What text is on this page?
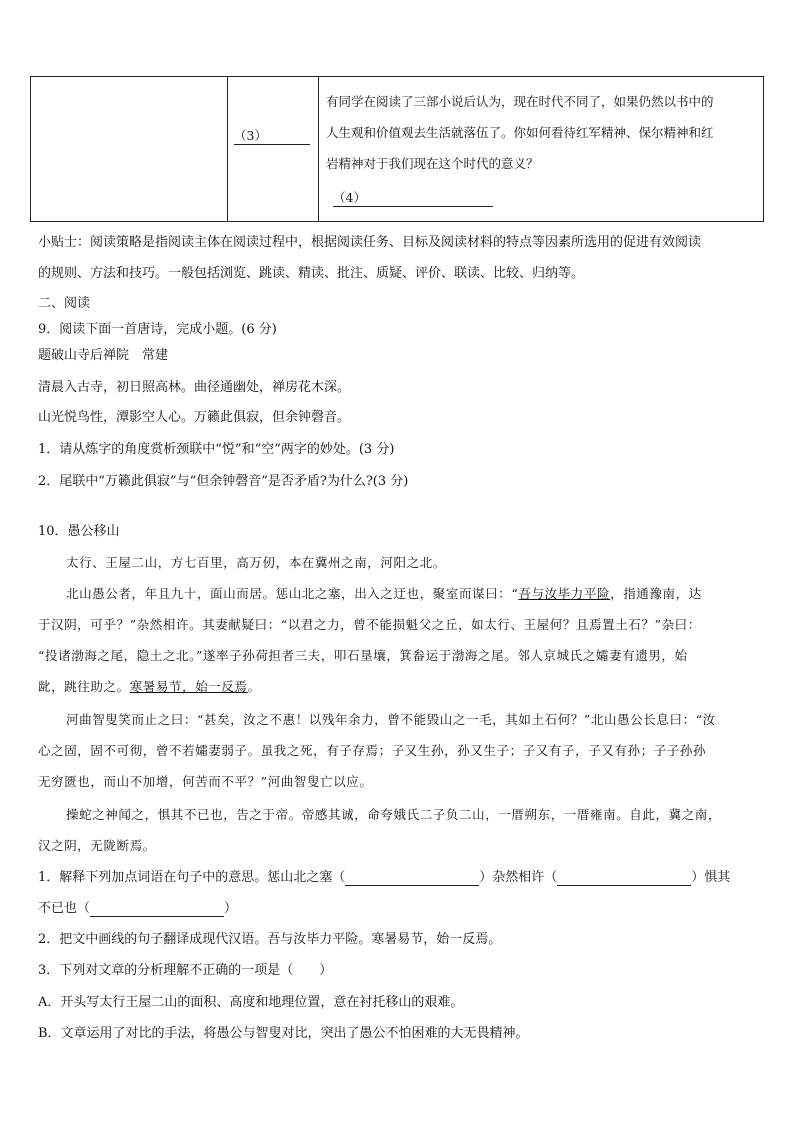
（3）
有同学在阅读了三部小说后认为，现在时代不同了，如果仍然以书中的
人生观和价值观去生活就落伍了。你如何看待红军精神、保尔精神和红
岩精神对于我们现在这个时代的意义？
（4）
小贴士：阅读策略是指阅读主体在阅读过程中，根据阅读任务、目标及阅读材料的特点等因素所选用的促进有效阅读
的规则、方法和技巧。一般包括浏览、跳读、精读、批注、质疑、评价、联读、比较、归纳等。
二、阅读
9．阅读下面一首唐诗，完成小题。(6 分)
题破山寺后禅院　常建
清晨入古寺，初日照高林。曲径通幽处，禅房花木深。
山光悦鸟性，潭影空人心。万籁此俱寂，但余钟磬音。
1．请从炼字的角度赏析颈联中“悦”和“空”两字的妙处。(3 分)
2．尾联中“万籁此俱寂”与“但余钟磬音”是否矛盾?为什么?(3 分)
10．愚公移山
太行、王屋二山，方七百里，高万仞，本在冀州之南，河阳之北。
北山愚公者，年且九十，面山而居。惩山北之塞，出入之迂也，聚室而谋曰：“吾与汝毕力平险，指通豫南，达
于汉阴，可乎？”杂然相许。其妻献疑曰：“以君之力，曾不能损魁父之丘，如太行、王屋何？且焉置土石？”杂曰：
“投诸渤海之尾，隐土之北。”遂率子孙荷担者三夫，叩石垦壤，箕畚运于渤海之尾。邻人京城氏之孀妻有遗男，始
龀，跳往助之。寒暑易节，始一反焉。
河曲智叟笑而止之曰：“甚矣，汝之不惠！以残年余力，曾不能毁山之一毛，其如土石何？”北山愚公长息曰：“汝
心之固，固不可彻，曾不若孀妻弱子。虽我之死，有子存焉；子又生孙，孙又生子；子又有子，子又有孙；子子孙孙
无穷匮也，而山不加增，何苦而不平？”河曲智叟亡以应。
操蛇之神闻之，惧其不已也，告之于帝。帝感其诚，命夸娥氏二子负二山，一厝朔东，一厝雍南。自此，冀之南，
汉之阴，无陇断焉。
1．解释下列加点词语在句子中的意思。惩山北之塞（	）杂然相许（	）惧其
不已也（	）
2．把文中画线的句子翻译成现代汉语。吾与汝毕力平险。寒暑易节，始一反焉。
3．下列对文章的分析理解不正确的一项是（　　）
A．开头写太行王屋二山的面积、高度和地理位置，意在衬托移山的艰难。
B．文章运用了对比的手法，将愚公与智叟对比，突出了愚公不怕困难的大无畏精神。
